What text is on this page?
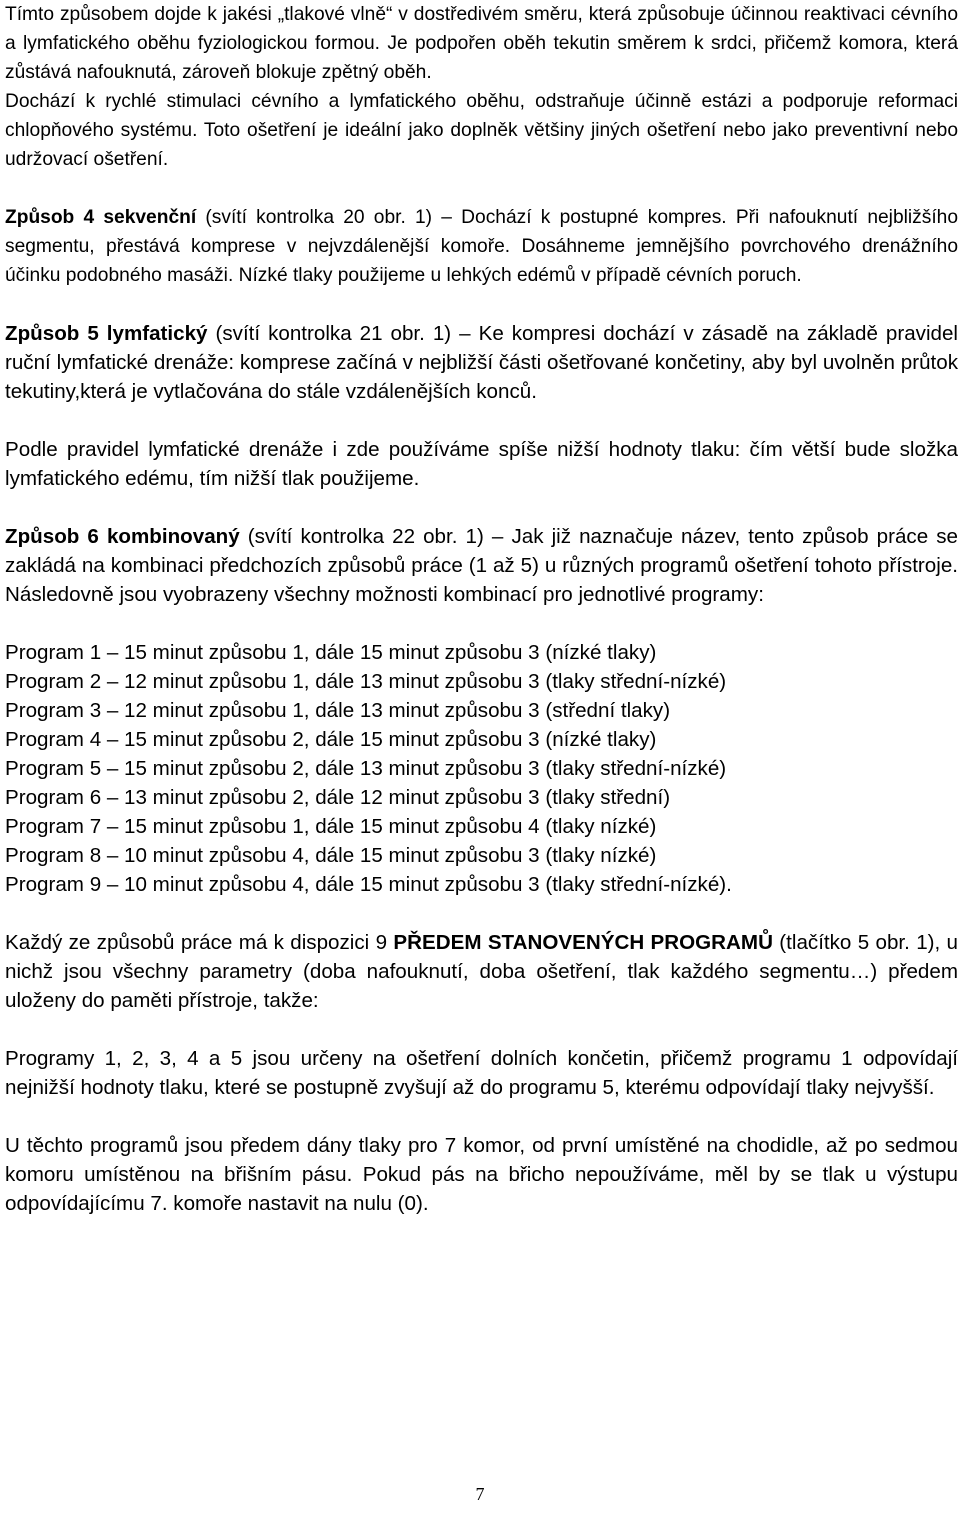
Tímto způsobem dojde k jakési „tlakové vlně“ v dostředivém směru, která způsobuje účinnou reaktivaci cévního a lymfatického oběhu fyziologickou formou. Je podpořen oběh tekutin směrem k srdci, přičemž komora, která zůstává nafouknutá, zároveň blokuje zpětný oběh.

Dochází k rychlé stimulaci cévního a lymfatického oběhu, odstraňuje účinně estázi a podporuje reformaci chlopňového systému. Toto ošetření je ideální jako doplněk většiny jiných ošetření nebo jako preventivní nebo udržovací ošetření.

Způsob 4 sekvenční (svítí kontrolka 20 obr. 1) – Dochází k postupné kompres. Při nafouknutí nejbližšího segmentu, přestává komprese v nejvzdálenější komoře. Dosáhneme jemnějšího povrchového drenážního účinku podobného masáži. Nízké tlaky použijeme u lehkých edémů v případě cévních poruch.

Způsob 5 lymfatický (svítí kontrolka 21 obr. 1) – Ke kompresi dochází v zásadě na základě pravidel ruční lymfatické drenáže: komprese začíná v nejbližší části ošetřované končetiny, aby byl uvolněn průtok tekutiny,která je vytlačována do stále vzdálenějších konců.

Podle pravidel lymfatické drenáže i zde používáme spíše nižší hodnoty tlaku: čím větší bude složka lymfatického edému, tím nižší tlak použijeme.

Způsob 6 kombinovaný (svítí kontrolka 22 obr. 1) – Jak již naznačuje název, tento způsob práce se zakládá na kombinaci předchozích způsobů práce (1 až 5) u různých programů ošetření tohoto přístroje. Následovně jsou vyobrazeny všechny možnosti kombinací pro jednotlivé programy:

Program 1 – 15 minut způsobu 1, dále 15 minut způsobu 3 (nízké tlaky)
Program 2 – 12 minut způsobu 1, dále 13 minut způsobu 3 (tlaky střední-nízké)
Program 3 – 12 minut způsobu 1, dále 13 minut způsobu 3 (střední tlaky)
Program 4 – 15 minut způsobu 2, dále 15 minut způsobu 3 (nízké tlaky)
Program 5 – 15 minut způsobu 2, dále 13 minut způsobu 3 (tlaky střední-nízké)
Program 6 – 13 minut způsobu 2, dále 12 minut způsobu 3 (tlaky střední)
Program 7 – 15 minut způsobu 1, dále 15 minut způsobu 4 (tlaky nízké)
Program 8 – 10 minut způsobu 4, dále 15 minut způsobu 3 (tlaky nízké)
Program 9 – 10 minut způsobu 4, dále 15 minut způsobu 3 (tlaky střední-nízké).

Každý ze způsobů práce má k dispozici 9 PŘEDEM STANOVENÝCH PROGRAMŮ (tlačítko 5 obr. 1), u nichž jsou všechny parametry (doba nafouknutí, doba ošetření, tlak každého segmentu…) předem uloženy do paměti přístroje, takže:

Programy 1, 2, 3, 4 a 5 jsou určeny na ošetření dolních končetin, přičemž programu 1 odpovídají nejnižší hodnoty tlaku, které se postupně zvyšují až do programu 5, kterému odpovídají tlaky nejvyšší.

U těchto programů jsou předem dány tlaky pro 7 komor, od první umístěné na chodidle, až po sedmou komoru umístěnou na břišním pásu. Pokud pás na břicho nepoužíváme, měl by se tlak u výstupu odpovídajícímu 7. komoře nastavit na nulu (0).

7
